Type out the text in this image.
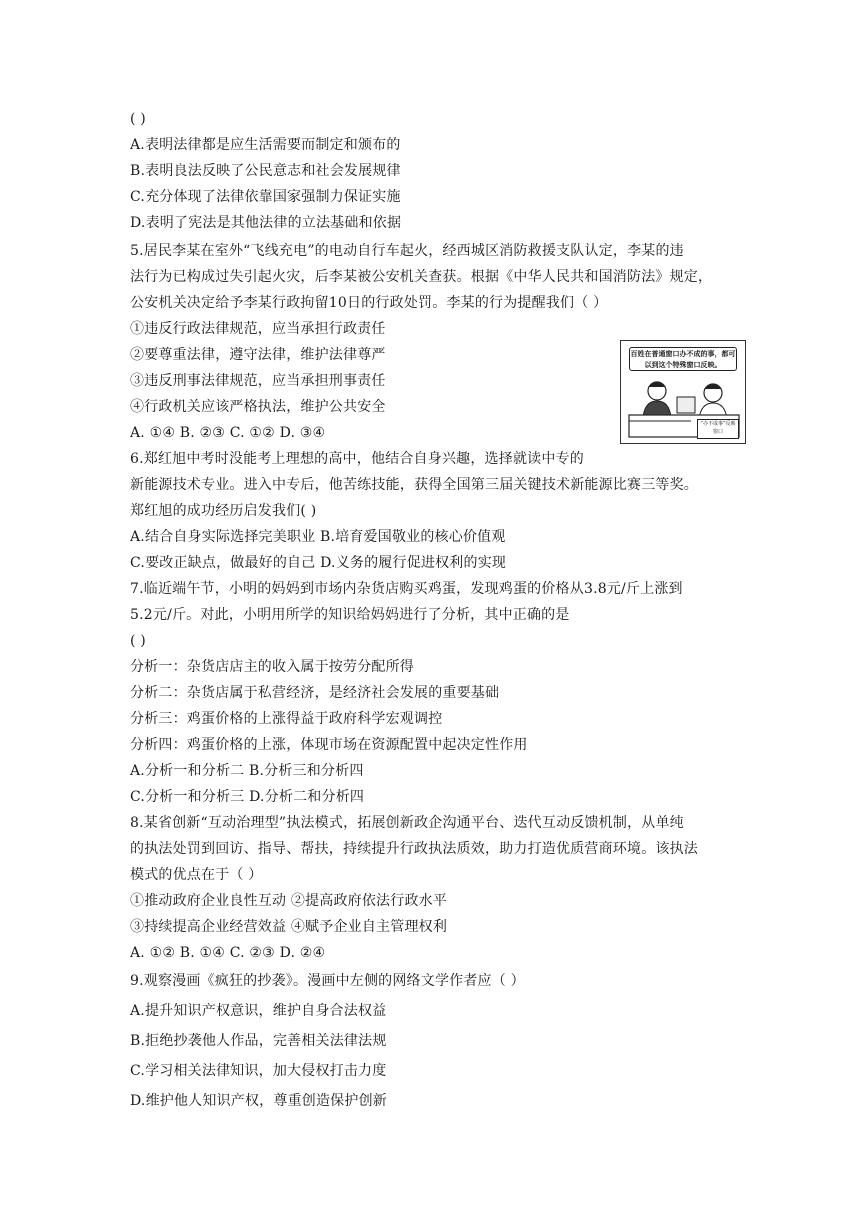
( )
A.表明法律都是应生活需要而制定和颁布的
B.表明良法反映了公民意志和社会发展规律
C.充分体现了法律依靠国家强制力保证实施
D.表明了宪法是其他法律的立法基础和依据
5.居民李某在室外“飞线充电”的电动自行车起火，经西城区消防救援支队认定，李某的违
法行为已构成过失引起火灾，后李某被公安机关查获。根据《中华人民共和国消防法》规定，
公安机关决定给予李某行政拘留10日的行政处罚。李某的行为提醒我们（ ）
①违反行政法律规范，应当承担行政责任
②要尊重法律，遵守法律，维护法律尊严
③违反刑事法律规范，应当承担刑事责任
④行政机关应该严格执法，维护公共安全
A. ①④ B. ②③ C. ①② D. ③④
百姓在普通窗口办不成的事，都可以到这个特殊窗口反映。
“办不成事”反映窗口
6.郑红旭中考时没能考上理想的高中，他结合自身兴趣，选择就读中专的
新能源技术专业。进入中专后，他苦练技能，获得全国第三届关键技术新能源比赛三等奖。
郑红旭的成功经历启发我们( )
A.结合自身实际选择完美职业 B.培育爱国敬业的核心价值观
C.要改正缺点，做最好的自己 D.义务的履行促进权利的实现
7.临近端午节，小明的妈妈到市场内杂货店购买鸡蛋，发现鸡蛋的价格从3.8元/斤上涨到
5.2元/斤。对此，小明用所学的知识给妈妈进行了分析，其中正确的是
( )
分析一：杂货店店主的收入属于按劳分配所得
分析二：杂货店属于私营经济，是经济社会发展的重要基础
分析三：鸡蛋价格的上涨得益于政府科学宏观调控
分析四：鸡蛋价格的上涨，体现市场在资源配置中起决定性作用
A.分析一和分析二 B.分析三和分析四
C.分析一和分析三 D.分析二和分析四
8.某省创新“互动治理型”执法模式，拓展创新政企沟通平台、迭代互动反馈机制，从单纯
的执法处罚到回访、指导、帮扶，持续提升行政执法质效，助力打造优质营商环境。该执法
模式的优点在于（ ）
①推动政府企业良性互动 ②提高政府依法行政水平
③持续提高企业经营效益 ④赋予企业自主管理权利
A. ①② B. ①④ C. ②③ D. ②④
9.观察漫画《疯狂的抄袭》。漫画中左侧的网络文学作者应（ ）
A.提升知识产权意识，维护自身合法权益
B.拒绝抄袭他人作品，完善相关法律法规
C.学习相关法律知识，加大侵权打击力度
D.维护他人知识产权，尊重创造保护创新
